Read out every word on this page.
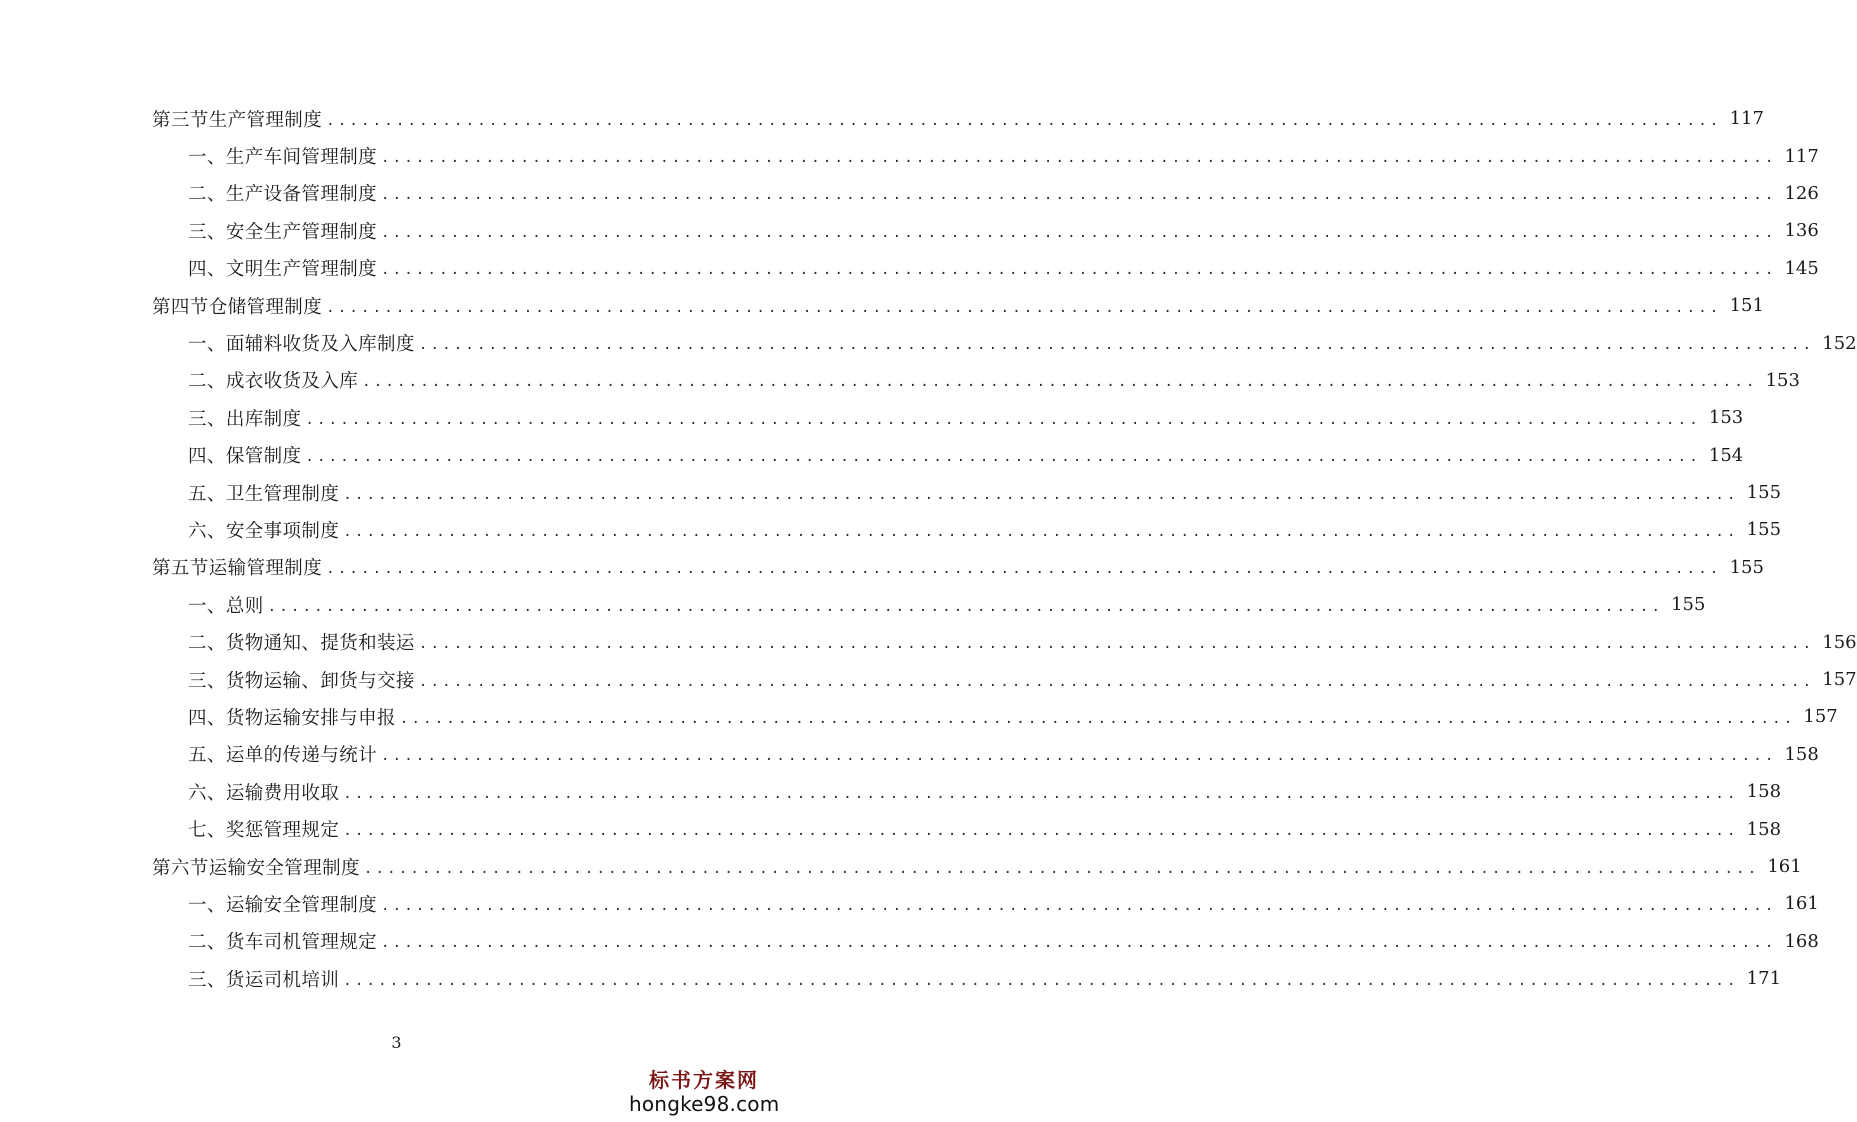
第三节 生产管理制度 ........................................................................................................................ 117
一、 生产车间管理制度 ........................................................................................................................ 117
二、 生产设备管理制度 ........................................................................................................................ 126
三、 安全生产管理制度 ........................................................................................................................ 136
四、 文明生产管理制度 ........................................................................................................................ 145
第四节 仓储管理制度 ........................................................................................................................ 151
一、 面辅料收货及入库制度 ........................................................................................................................ 152
二、 成衣收货及入库 ........................................................................................................................ 153
三、 出库制度 ........................................................................................................................ 153
四、 保管制度 ........................................................................................................................ 154
五、 卫生管理制度 ........................................................................................................................ 155
六、 安全事项制度 ........................................................................................................................ 155
第五节 运输管理制度 ........................................................................................................................ 155
一、 总则 ........................................................................................................................ 155
二、 货物通知、提货和装运 ........................................................................................................................ 156
三、 货物运输、卸货与交接 ........................................................................................................................ 157
四、 货物运输安排与申报 ........................................................................................................................ 157
五、 运单的传递与统计 ........................................................................................................................ 158
六、 运输费用收取 ........................................................................................................................ 158
七、 奖惩管理规定 ........................................................................................................................ 158
第六节 运输安全管理制度 ........................................................................................................................ 161
一、 运输安全管理制度 ........................................................................................................................ 161
二、 货车司机管理规定 ........................................................................................................................ 168
三、 货运司机培训 ........................................................................................................................ 171
3
标书方案网
hongke98.com
